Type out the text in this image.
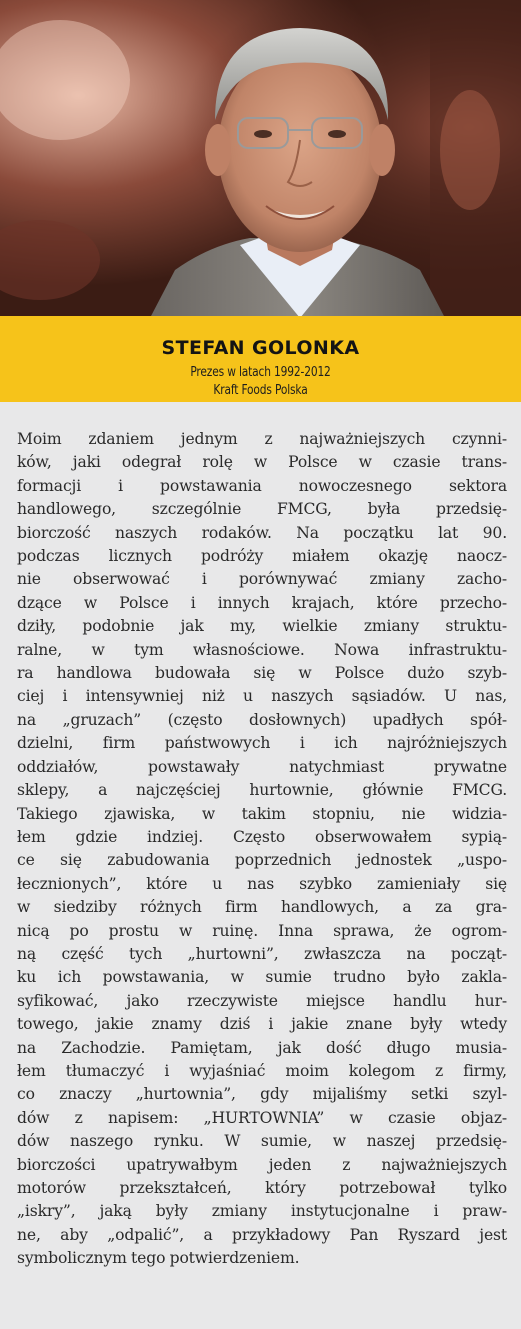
STEFAN GOLONKA
Prezes w latach 1992-2012
Kraft Foods Polska
Moim zdaniem jednym z najważniejszych czynni-
ków, jaki odegrał rolę w Polsce w czasie trans-
formacji i powstawania nowoczesnego sektora
handlowego, szczególnie FMCG, była przedsię-
biorczość naszych rodaków. Na początku lat 90.
podczas licznych podróży miałem okazję naocz-
nie obserwować i porównywać zmiany zacho-
dzące w Polsce i innych krajach, które przecho-
dziły, podobnie jak my, wielkie zmiany struktu-
ralne, w tym własnościowe. Nowa infrastruktu-
ra handlowa budowała się w Polsce dużo szyb-
ciej i intensywniej niż u naszych sąsiadów. U nas,
na „gruzach” (często dosłownych) upadłych spół-
dzielni, firm państwowych i ich najróżniejszych
oddziałów, powstawały natychmiast prywatne
sklepy, a najczęściej hurtownie, głównie FMCG.
Takiego zjawiska, w takim stopniu, nie widzia-
łem gdzie indziej. Często obserwowałem sypią-
ce się zabudowania poprzednich jednostek „uspo-
łecznionych”, które u nas szybko zamieniały się
w siedziby różnych firm handlowych, a za gra-
nicą po prostu w ruinę. Inna sprawa, że ogrom-
ną część tych „hurtowni”, zwłaszcza na począt-
ku ich powstawania, w sumie trudno było zakla-
syfikować, jako rzeczywiste miejsce handlu hur-
towego, jakie znamy dziś i jakie znane były wtedy
na Zachodzie. Pamiętam, jak dość długo musia-
łem tłumaczyć i wyjaśniać moim kolegom z firmy,
co znaczy „hurtownia”, gdy mijaliśmy setki szyl-
dów z napisem: „HURTOWNIA” w czasie objaz-
dów naszego rynku. W sumie, w naszej przedsię-
biorczości upatrywałbym jeden z najważniejszych
motorów przekształceń, który potrzebował tylko
„iskry”, jaką były zmiany instytucjonalne i praw-
ne, aby „odpalić”, a przykładowy Pan Ryszard jest
symbolicznym tego potwierdzeniem.
